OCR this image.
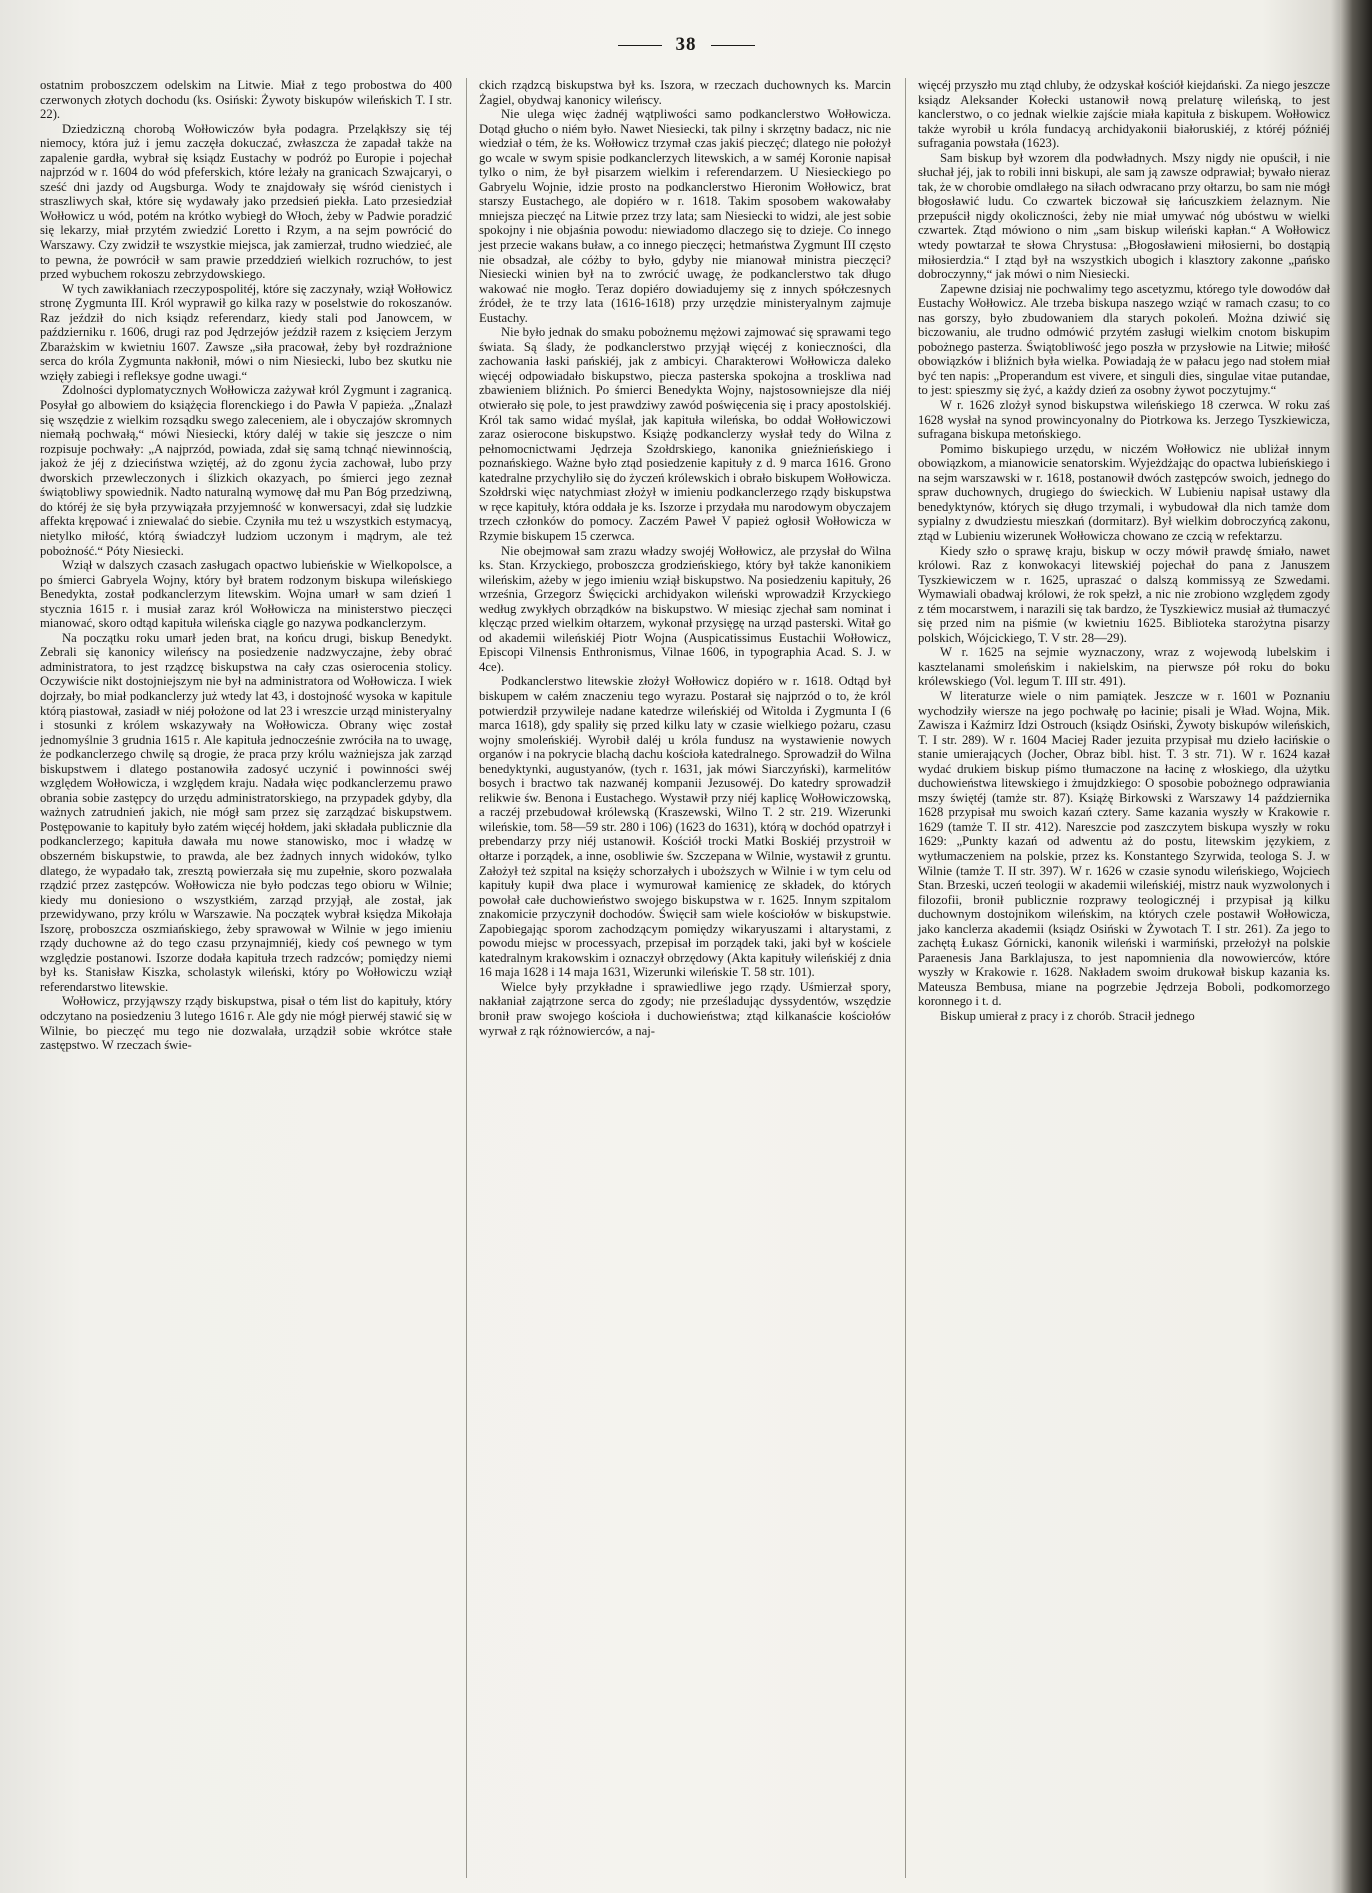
38

ostatnim proboszczem odelskim na Litwie. Miał z tego probostwa do 400 czerwonych złotych dochodu (ks. Osiński: Żywoty biskupów wileńskich T. I str. 22).

Dziedziczną chorobą Wołłowiczów była podagra. Przeląkłszy się téj niemocy, która już i jemu zaczęła dokuczać, zwłaszcza że zapadał także na zapalenie gardła, wybrał się ksiądz Eustachy w podróż po Europie i pojechał najprzód w r. 1604 do wód pfeferskich, które leżały na granicach Szwajcaryi, o sześć dni jazdy od Augsburga. Wody te znajdowały się wśród cienistych i straszliwych skał, które się wydawały jako przedsień piekła. Lato przesiedział Wołłowicz u wód, potém na krótko wybiegł do Włoch, żeby w Padwie poradzić się lekarzy, miał przytém zwiedzić Loretto i Rzym, a na sejm powrócić do Warszawy. Czy zwidził te wszystkie miejsca, jak zamierzał, trudno wiedzieć, ale to pewna, że powrócił w sam prawie przeddzień wielkich rozruchów, to jest przed wybuchem rokoszu zebrzydowskiego.

W tych zawikłaniach rzeczypospolitéj, które się zaczynały, wziął Wołłowicz stronę Zygmunta III. Król wyprawił go kilka razy w poselstwie do rokoszanów. Raz jeździł do nich ksiądz referendarz, kiedy stali pod Janowcem, w październiku r. 1606, drugi raz pod Jędrzejów jeździł razem z księciem Jerzym Zbarażskim w kwietniu 1607. Zawsze „siła pracował, żeby był rozdrażnione serca do króla Zygmunta nakłonił, mówi o nim Niesiecki, lubo bez skutku nie wzięły zabiegi i refleksye godne uwagi.“

Zdolności dyplomatycznych Wołłowicza zażywał król Zygmunt i zagranicą. Posyłał go albowiem do książęcia florenckiego i do Pawła V papieża. „Znalazł się wszędzie z wielkim rozsądku swego zaleceniem, ale i obyczajów skromnych niemałą pochwałą,“ mówi Niesiecki, który daléj w takie się jeszcze o nim rozpisuje pochwały: „A najprzód, powiada, zdał się samą tchnąć niewinnością, jakoż że jéj z dzieciństwa wziętéj, aż do zgonu życia zachował, lubo przy dworskich przewleczonych i ślizkich okazyach, po śmierci jego zeznał świątobliwy spowiednik. Nadto naturalną wymowę dał mu Pan Bóg przedziwną, do któréj że się była przywiązała przyjemność w konwersacyi, zdał się ludzkie affekta krępować i zniewalać do siebie. Czyniła mu też u wszystkich estymacyą, nietylko miłość, którą świadczył ludziom uczonym i mądrym, ale też pobożność.“ Póty Niesiecki.

Wziął w dalszych czasach zasługach opactwo lubieńskie w Wielkopolsce, a po śmierci Gabryela Wojny, który był bratem rodzonym biskupa wileńskiego Benedykta, został podkanclerzym litewskim. Wojna umarł w sam dzień 1 stycznia 1615 r. i musiał zaraz król Wołłowicza na ministerstwo pieczęci mianować, skoro odtąd kapituła wileńska ciągle go nazywa podkanclerzym.

Na początku roku umarł jeden brat, na końcu drugi, biskup Benedykt. Zebrali się kanonicy wileńscy na posiedzenie nadzwyczajne, żeby obrać administratora, to jest rządzcę biskupstwa na cały czas osierocenia stolicy. Oczywiście nikt dostojniejszym nie był na administratora od Wołłowicza. I wiek dojrzały, bo miał podkanclerzy już wtedy lat 43, i dostojność wysoka w kapitule którą piastował, zasiadł w niéj położone od lat 23 i wreszcie urząd ministeryalny i stosunki z królem wskazywały na Wołłowicza. Obrany więc został jednomyślnie 3 grudnia 1615 r. Ale kapituła jednocześnie zwróciła na to uwagę, że podkanclerzego chwilę są drogie, że praca przy królu ważniejsza jak zarząd biskupstwem i dlatego postanowiła zadosyć uczynić i powinności swéj względem Wołłowicza, i względem kraju. Nadała więc podkanclerzemu prawo obrania sobie zastępcy do urzędu administratorskiego, na przypadek gdyby, dla ważnych zatrudnień jakich, nie mógł sam przez się zarządzać biskupstwem. Postępowanie to kapituły było zatém więcéj hołdem, jaki składała publicznie dla podkanclerzego; kapituła dawała mu nowe stanowisko, moc i władzę w obszerném biskupstwie, to prawda, ale bez żadnych innych widoków, tylko dlatego, że wypadało tak, zresztą powierzała się mu zupełnie, skoro pozwalała rządzić przez zastępców. Wołłowicza nie było podczas tego obioru w Wilnie; kiedy mu doniesiono o wszystkiém, zarząd przyjął, ale został, jak przewidywano, przy królu w Warszawie. Na początek wybrał księdza Mikołaja Iszorę, proboszcza oszmiańskiego, żeby sprawował w Wilnie w jego imieniu rządy duchowne aż do tego czasu przynajmniéj, kiedy coś pewnego w tym względzie postanowi. Iszorze dodała kapituła trzech radzców; pomiędzy niemi był ks. Stanisław Kiszka, scholastyk wileński, który po Wołłowiczu wziął referendarstwo litewskie.

Wołłowicz, przyjąwszy rządy biskupstwa, pisał o tém list do kapituły, który odczytano na posiedzeniu 3 lutego 1616 r. Ale gdy nie mógł pierwéj stawić się w Wilnie, bo pieczęć mu tego nie dozwalała, urządził sobie wkrótce stałe zastępstwo. W rzeczach świe-

ckich rządzcą biskupstwa był ks. Iszora, w rzeczach duchownych ks. Marcin Żagiel, obydwaj kanonicy wileńscy.

Nie ulega więc żadnéj wątpliwości samo podkanclerstwo Wołłowicza. Dotąd głucho o niém było. Nawet Niesiecki, tak pilny i skrzętny badacz, nic nie wiedział o tém, że ks. Wołłowicz trzymał czas jakiś pieczęć; dlatego nie położył go wcale w swym spisie podkanclerzych litewskich, a w saméj Koronie napisał tylko o nim, że był pisarzem wielkim i referendarzem. U Niesieckiego po Gabryelu Wojnie, idzie prosto na podkanclerstwo Hieronim Wołłowicz, brat starszy Eustachego, ale dopiéro w r. 1618. Takim sposobem wakowałaby mniejsza pieczęć na Litwie przez trzy lata; sam Niesiecki to widzi, ale jest sobie spokojny i nie objaśnia powodu: niewiadomo dlaczego się to dzieje. Co innego jest przecie wakans buław, a co innego pieczęci; hetmaństwa Zygmunt III często nie obsadzał, ale cóżby to było, gdyby nie mianował ministra pieczęci? Niesiecki winien był na to zwrócić uwagę, że podkanclerstwo tak długo wakować nie mogło. Teraz dopiéro dowiadujemy się z innych spółczesnych źródeł, że te trzy lata (1616-1618) przy urzędzie ministeryalnym zajmuje Eustachy.

Nie było jednak do smaku pobożnemu mężowi zajmować się sprawami tego świata. Są ślady, że podkanclerstwo przyjął więcéj z konieczności, dla zachowania łaski pańskiéj, jak z ambicyi. Charakterowi Wołłowicza daleko więcéj odpowiadało biskupstwo, piecza pasterska spokojna a troskliwa nad zbawieniem bliźnich. Po śmierci Benedykta Wojny, najstosowniejsze dla niéj otwierało się pole, to jest prawdziwy zawód poświęcenia się i pracy apostolskiéj. Król tak samo widać myślał, jak kapituła wileńska, bo oddał Wołłowiczowi zaraz osierocone biskupstwo. Książę podkanclerzy wysłał tedy do Wilna z pełnomocnictwami Jędrzeja Szołdrskiego, kanonika gnieźnieńskiego i poznańskiego. Ważne było ztąd posiedzenie kapituły z d. 9 marca 1616. Grono katedralne przychyliło się do życzeń królewskich i obrało biskupem Wołłowicza. Szołdrski więc natychmiast złożył w imieniu podkanclerzego rządy biskupstwa w ręce kapituły, która oddała je ks. Iszorze i przydała mu narodowym obyczajem trzech członków do pomocy. Zaczém Paweł V papież ogłosił Wołłowicza w Rzymie biskupem 15 czerwca.

Nie obejmował sam zrazu władzy swojéj Wołłowicz, ale przysłał do Wilna ks. Stan. Krzyckiego, proboszcza grodzieńskiego, który był także kanonikiem wileńskim, ażeby w jego imieniu wziął biskupstwo. Na posiedzeniu kapituły, 26 września, Grzegorz Święcicki archidyakon wileński wprowadził Krzyckiego według zwykłych obrządków na biskupstwo. W miesiąc zjechał sam nominat i klęcząc przed wielkim ołtarzem, wykonał przysięgę na urząd pasterski. Witał go od akademii wileńskiéj Piotr Wojna (Auspicatissimus Eustachii Wołłowicz, Episcopi Vilnensis Enthronismus, Vilnae 1606, in typographia Acad. S. J. w 4ce).

Podkanclerstwo litewskie złożył Wołłowicz dopiéro w r. 1618. Odtąd był biskupem w całém znaczeniu tego wyrazu. Postarał się najprzód o to, że król potwierdził przywileje nadane katedrze wileńskiéj od Witolda i Zygmunta I (6 marca 1618), gdy spaliły się przed kilku laty w czasie wielkiego pożaru, czasu wojny smoleńskiéj. Wyrobił daléj u króla fundusz na wystawienie nowych organów i na pokrycie blachą dachu kościoła katedralnego. Sprowadził do Wilna benedyktynki, augustyanów, (tych r. 1631, jak mówi Siarczyński), karmelitów bosych i bractwo tak nazwanéj kompanii Jezusowéj. Do katedry sprowadził relikwie św. Benona i Eustachego. Wystawił przy niéj kaplicę Wołłowiczowską, a raczéj przebudował królewską (Kraszewski, Wilno T. 2 str. 219. Wizerunki wileńskie, tom. 58—59 str. 280 i 106) (1623 do 1631), którą w dochód opatrzył i prebendarzy przy niéj ustanowił. Kościół trocki Matki Boskiéj przystroił w ołtarze i porządek, a inne, osobliwie św. Szczepana w Wilnie, wystawił z gruntu. Założył też szpital na księży schorzałych i uboższych w Wilnie i w tym celu od kapituły kupił dwa place i wymurował kamienicę ze składek, do których powołał całe duchowieństwo swojego biskupstwa w r. 1625. Innym szpitalom znakomicie przyczynił dochodów. Święcił sam wiele kościołów w biskupstwie. Zapobiegając sporom zachodzącym pomiędzy wikaryuszami i altarystami, z powodu miejsc w processyach, przepisał im porządek taki, jaki był w kościele katedralnym krakowskim i oznaczył obrzędowy (Akta kapituły wileńskiéj z dnia 16 maja 1628 i 14 maja 1631, Wizerunki wileńskie T. 58 str. 101).

Wielce były przykładne i sprawiedliwe jego rządy. Uśmierzał spory, nakłaniał zajątrzone serca do zgody; nie prześladując dyssydentów, wszędzie bronił praw swojego kościoła i duchowieństwa; ztąd kilkanaście kościołów wyrwał z rąk różnowierców, a naj-

więcéj przyszło mu ztąd chluby, że odzyskał kościół kiejdański. Za niego jeszcze ksiądz Aleksander Kołecki ustanowił nową prelaturę wileńską, to jest kanclerstwo, o co jednak wielkie zajście miała kapituła z biskupem. Wołłowicz także wyrobił u króla fundacyą archidyakonii białoruskiéj, z któréj późniéj sufragania powstała (1623).

Sam biskup był wzorem dla podwładnych. Mszy nigdy nie opuścił, i nie słuchał jéj, jak to robili inni biskupi, ale sam ją zawsze odprawiał; bywało nieraz tak, że w chorobie omdlałego na siłach odwracano przy ołtarzu, bo sam nie mógł błogosławić ludu. Co czwartek biczował się łańcuszkiem żelaznym. Nie przepuścił nigdy okoliczności, żeby nie miał umywać nóg ubóstwu w wielki czwartek. Ztąd mówiono o nim „sam biskup wileński kapłan.“ A Wołłowicz wtedy powtarzał te słowa Chrystusa: „Błogosławieni miłosierni, bo dostąpią miłosierdzia.“ I ztąd był na wszystkich ubogich i klasztory zakonne „pańsko dobroczynny,“ jak mówi o nim Niesiecki.

Zapewne dzisiaj nie pochwalimy tego ascetyzmu, którego tyle dowodów dał Eustachy Wołłowicz. Ale trzeba biskupa naszego wziąć w ramach czasu; to co nas gorszy, było zbudowaniem dla starych pokoleń. Można dziwić się biczowaniu, ale trudno odmówić przytém zasługi wielkim cnotom biskupim pobożnego pasterza. Świątobliwość jego poszła w przysłowie na Litwie; miłość obowiązków i bliźnich była wielka. Powiadają że w pałacu jego nad stołem miał być ten napis: „Properandum est vivere, et singuli dies, singulae vitae putandae, to jest: spieszmy się żyć, a każdy dzień za osobny żywot poczytujmy.“

W r. 1626 zlożył synod biskupstwa wileńskiego 18 czerwca. W roku zaś 1628 wysłał na synod prowincyonalny do Piotrkowa ks. Jerzego Tyszkiewicza, sufragana biskupa metońskiego.

Pomimo biskupiego urzędu, w niczém Wołłowicz nie ubliżał innym obowiązkom, a mianowicie senatorskim. Wyjeżdżając do opactwa lubieńskiego i na sejm warszawski w r. 1618, postanowił dwóch zastępców swoich, jednego do spraw duchownych, drugiego do świeckich. W Lubieniu napisał ustawy dla benedyktynów, których się długo trzymali, i wybudował dla nich tamże dom sypialny z dwudziestu mieszkań (dormitarz). Był wielkim dobroczyńcą zakonu, ztąd w Lubieniu wizerunek Wołłowicza chowano ze czcią w refektarzu.

Kiedy szło o sprawę kraju, biskup w oczy mówił prawdę śmiało, nawet królowi. Raz z konwokacyi litewskiéj pojechał do pana z Januszem Tyszkiewiczem w r. 1625, upraszać o dalszą kommissyą ze Szwedami. Wymawiali obadwaj królowi, że rok spełzł, a nic nie zrobiono względem zgody z tém mocarstwem, i narazili się tak bardzo, że Tyszkiewicz musiał aż tłumaczyć się przed nim na piśmie (w kwietniu 1625. Biblioteka starożytna pisarzy polskich, Wójcickiego, T. V str. 28—29).

W r. 1625 na sejmie wyznaczony, wraz z wojewodą lubelskim i kasztelanami smoleńskim i nakielskim, na pierwsze pół roku do boku królewskiego (Vol. legum T. III str. 491).

W literaturze wiele o nim pamiątek. Jeszcze w r. 1601 w Poznaniu wychodziły wiersze na jego pochwałę po łacinie; pisali je Wład. Wojna, Mik. Zawisza i Kaźmirz Idzi Ostrouch (ksiądz Osiński, Żywoty biskupów wileńskich, T. I str. 289). W r. 1604 Maciej Rader jezuita przypisał mu dzieło łacińskie o stanie umierających (Jocher, Obraz bibl. hist. T. 3 str. 71). W r. 1624 kazał wydać drukiem biskup piśmo tłumaczone na łacinę z włoskiego, dla użytku duchowieństwa litewskiego i żmujdzkiego: O sposobie pobożnego odprawiania mszy świętéj (tamże str. 87). Książę Birkowski z Warszawy 14 października 1628 przypisał mu swoich kazań cztery. Same kazania wyszły w Krakowie r. 1629 (tamże T. II str. 412). Nareszcie pod zaszczytem biskupa wyszły w roku 1629: „Punkty kazań od adwentu aż do postu, litewskim językiem, z wytłumaczeniem na polskie, przez ks. Konstantego Szyrwida, teologa S. J. w Wilnie (tamże T. II str. 397). W r. 1626 w czasie synodu wileńskiego, Wojciech Stan. Brzeski, uczeń teologii w akademii wileńskiéj, mistrz nauk wyzwolonych i filozofii, bronił publicznie rozprawy teologicznéj i przypisał ją kilku duchownym dostojnikom wileńskim, na których czele postawił Wołłowicza, jako kanclerza akademii (ksiądz Osiński w Żywotach T. I str. 261). Za jego to zachętą Łukasz Górnicki, kanonik wileński i warmiński, przełożył na polskie Paraenesis Jana Barklajusza, to jest napomnienia dla nowowierców, które wyszły w Krakowie r. 1628. Nakładem swoim drukował biskup kazania ks. Mateusza Bembusa, miane na pogrzebie Jędrzeja Boboli, podkomorzego koronnego i t. d.

Biskup umierał z pracy i z chorób. Stracił jednego
